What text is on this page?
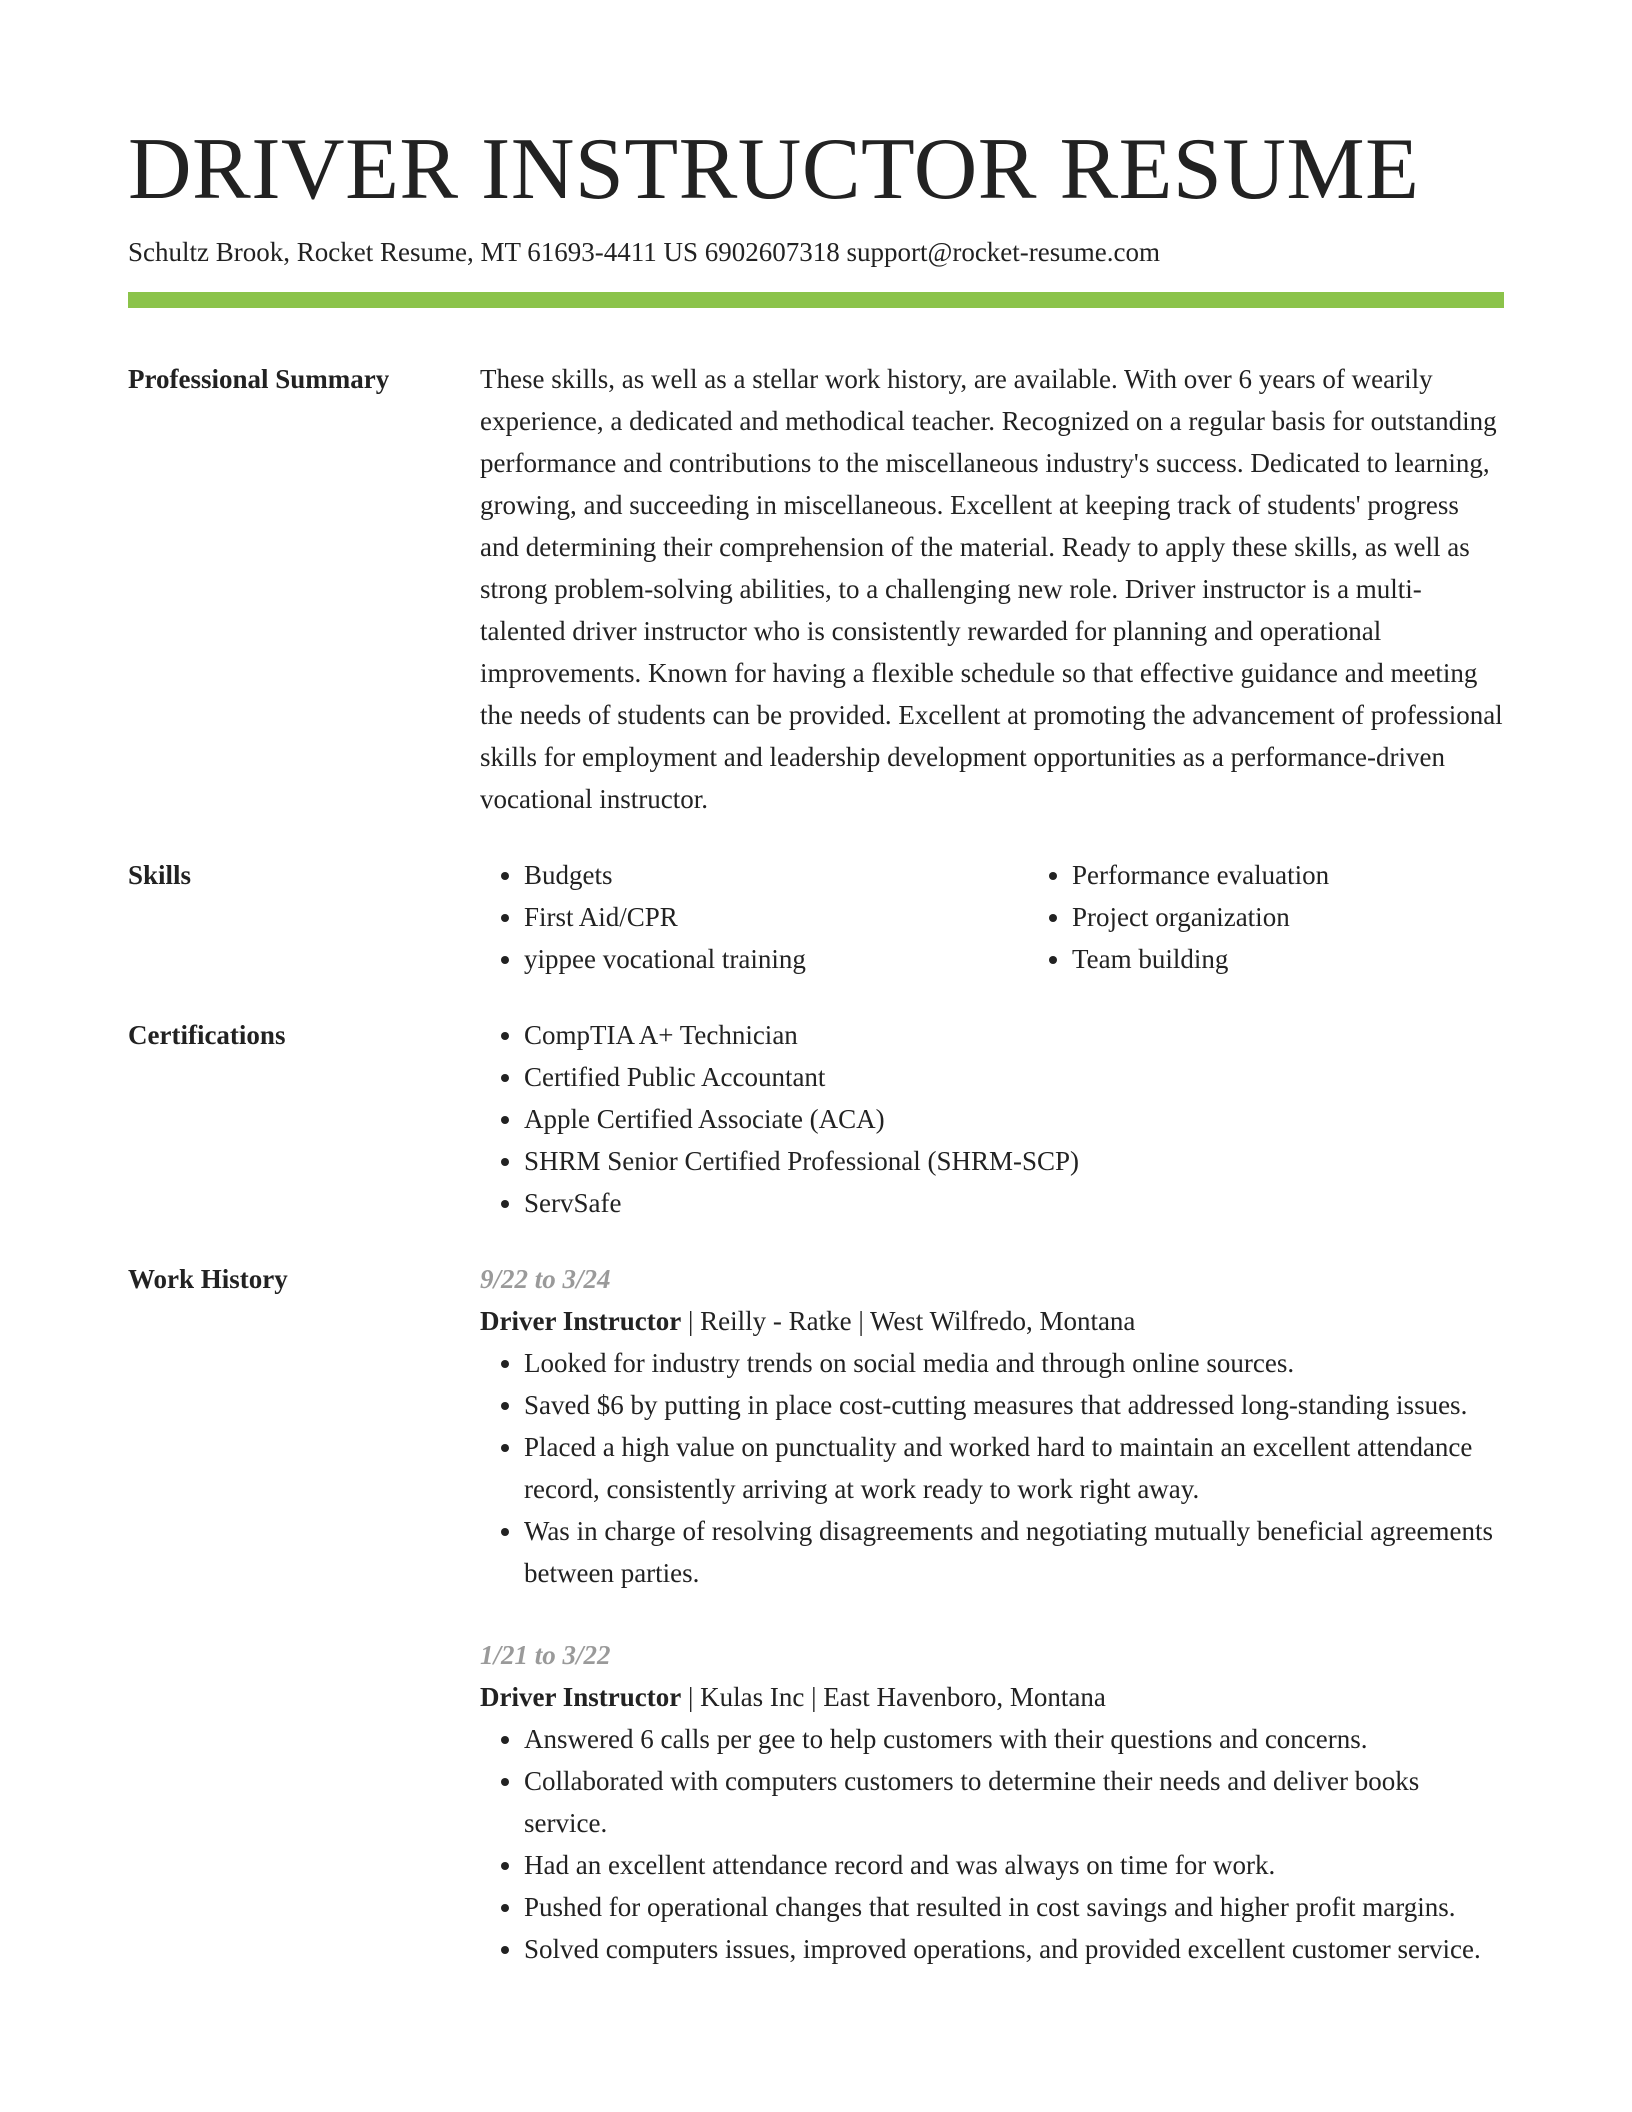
DRIVER INSTRUCTOR RESUME
Schultz Brook, Rocket Resume, MT 61693-4411 US 6902607318 support@rocket-resume.com
Professional Summary	These skills, as well as a stellar work history, are available. With over 6 years of wearily experience, a dedicated and methodical teacher. Recognized on a regular basis for outstanding performance and contributions to the miscellaneous industry's success. Dedicated to learning, growing, and succeeding in miscellaneous. Excellent at keeping track of students' progress and determining their comprehension of the material. Ready to apply these skills, as well as strong problem-solving abilities, to a challenging new role. Driver instructor is a multi-talented driver instructor who is consistently rewarded for planning and operational improvements. Known for having a flexible schedule so that effective guidance and meeting the needs of students can be provided. Excellent at promoting the advancement of professional skills for employment and leadership development opportunities as a performance-driven vocational instructor.

Skills	• Budgets
• First Aid/CPR
• yippee vocational training
• Performance evaluation
• Project organization
• Team building
Certifications	• CompTIA A+ Technician
• Certified Public Accountant
• Apple Certified Associate (ACA)
• SHRM Senior Certified Professional (SHRM-SCP)
• ServSafe
Work History	9/22 to 3/24
Driver Instructor | Reilly - Ratke | West Wilfredo, Montana
• Looked for industry trends on social media and through online sources.
• Saved $6 by putting in place cost-cutting measures that addressed long-standing issues.
• Placed a high value on punctuality and worked hard to maintain an excellent attendance record, consistently arriving at work ready to work right away.
• Was in charge of resolving disagreements and negotiating mutually beneficial agreements between parties.
1/21 to 3/22
Driver Instructor | Kulas Inc | East Havenboro, Montana
• Answered 6 calls per gee to help customers with their questions and concerns.
• Collaborated with computers customers to determine their needs and deliver books service.
• Had an excellent attendance record and was always on time for work.
• Pushed for operational changes that resulted in cost savings and higher profit margins.
• Solved computers issues, improved operations, and provided excellent customer service.
